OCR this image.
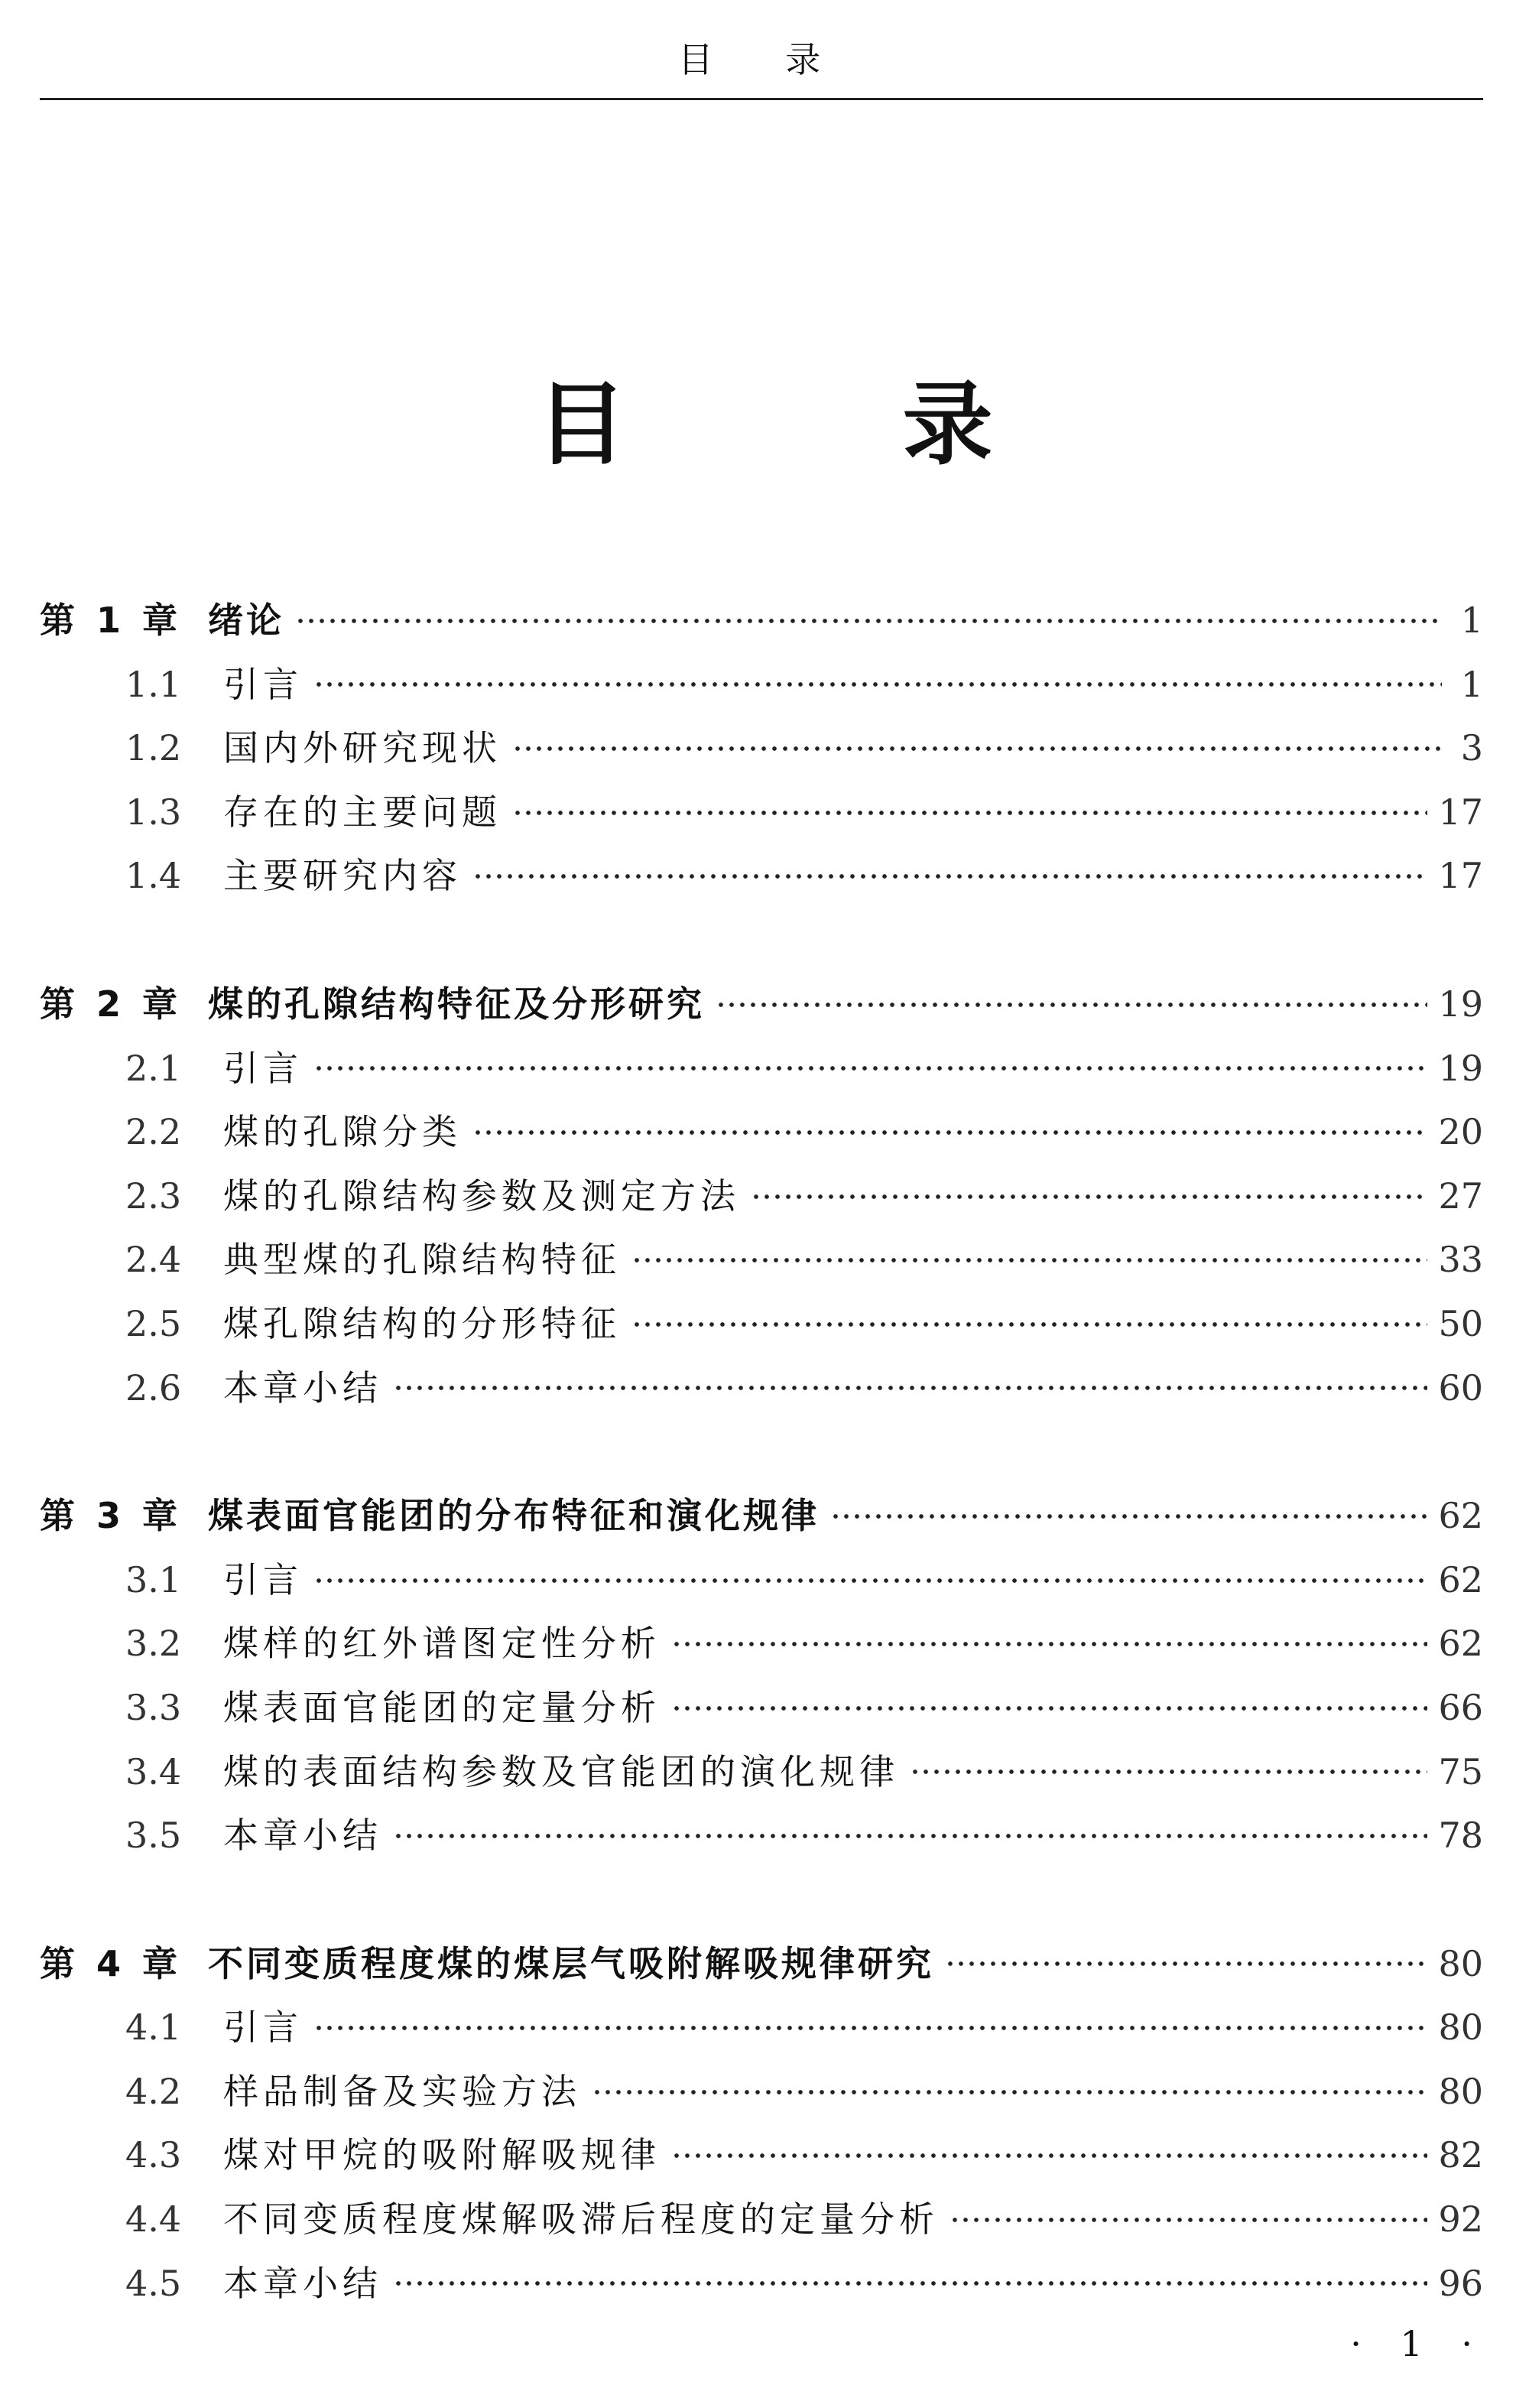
目 录
目 录
第 1 章 绪论	1
1.1	引言	1
1.2	国内外研究现状	3
1.3	存在的主要问题	17
1.4	主要研究内容	17
第 2 章 煤的孔隙结构特征及分形研究	19
2.1	引言	19
2.2	煤的孔隙分类	20
2.3	煤的孔隙结构参数及测定方法	27
2.4	典型煤的孔隙结构特征	33
2.5	煤孔隙结构的分形特征	50
2.6	本章小结	60
第 3 章 煤表面官能团的分布特征和演化规律	62
3.1	引言	62
3.2	煤样的红外谱图定性分析	62
3.3	煤表面官能团的定量分析	66
3.4	煤的表面结构参数及官能团的演化规律	75
3.5	本章小结	78
第 4 章 不同变质程度煤的煤层气吸附解吸规律研究	80
4.1	引言	80
4.2	样品制备及实验方法	80
4.3	煤对甲烷的吸附解吸规律	82
4.4	不同变质程度煤解吸滞后程度的定量分析	92
4.5	本章小结	96
· 1 ·
